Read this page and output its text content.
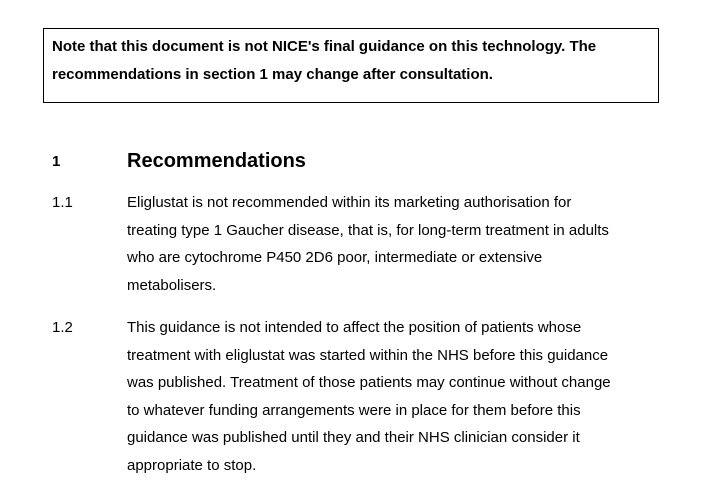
Note that this document is not NICE's final guidance on this technology. The
recommendations in section 1 may change after consultation.

1	Recommendations

1.1	Eliglustat is not recommended within its marketing authorisation for
treating type 1 Gaucher disease, that is, for long-term treatment in adults
who are cytochrome P450 2D6 poor, intermediate or extensive
metabolisers.

1.2	This guidance is not intended to affect the position of patients whose
treatment with eliglustat was started within the NHS before this guidance
was published. Treatment of those patients may continue without change
to whatever funding arrangements were in place for them before this
guidance was published until they and their NHS clinician consider it
appropriate to stop.
